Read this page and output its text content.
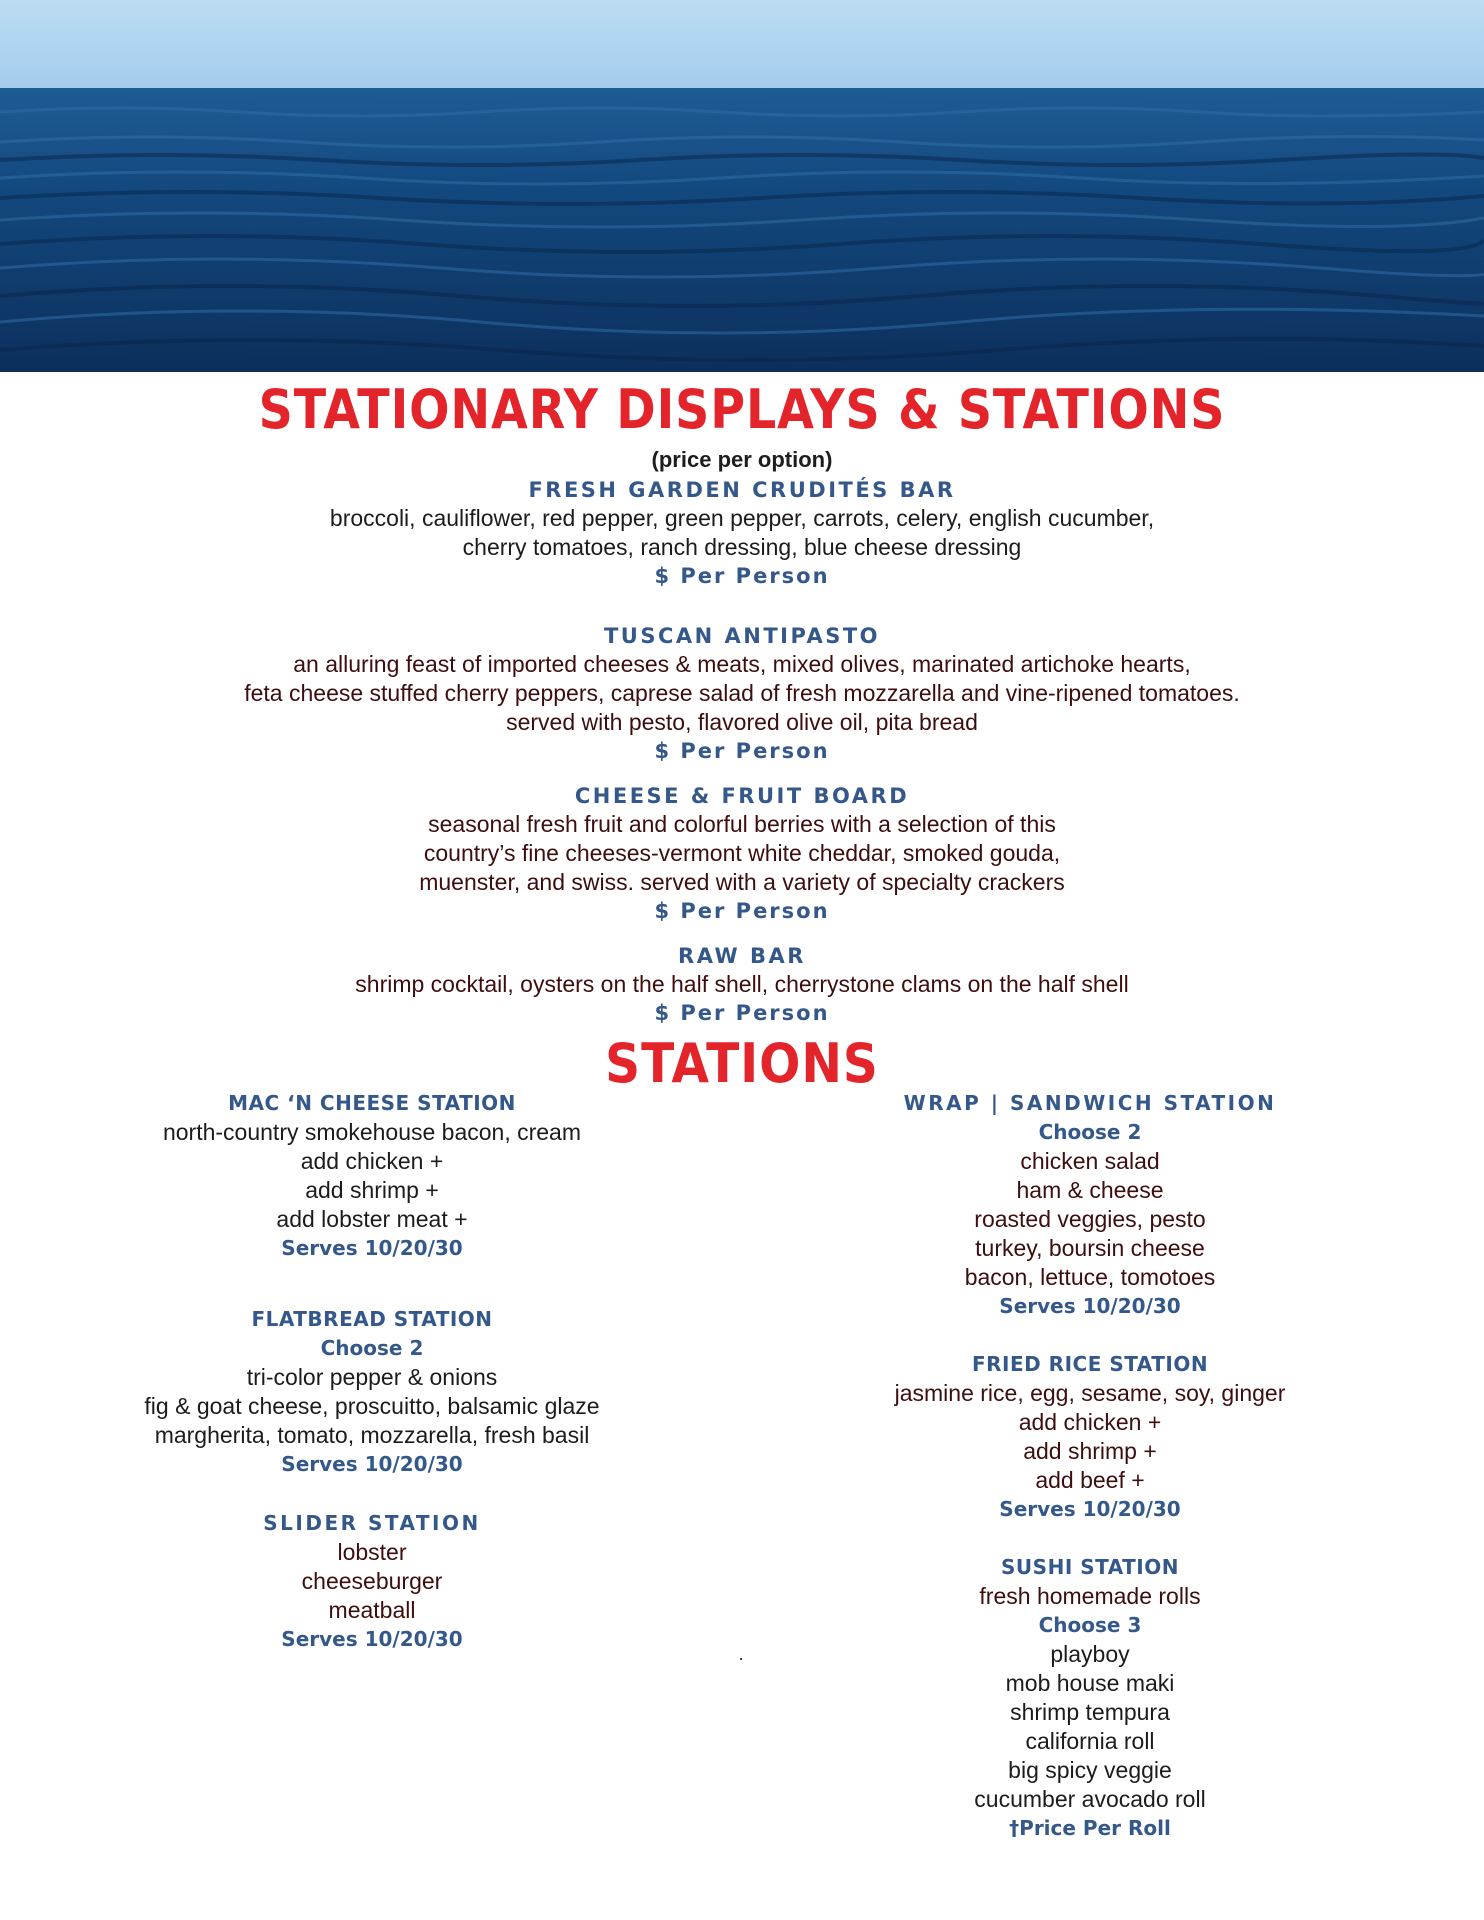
STATIONARY DISPLAYS & STATIONS
(price per option)
FRESH GARDEN CRUDITÉS BAR
broccoli, cauliflower, red pepper, green pepper, carrots, celery, english cucumber,
cherry tomatoes, ranch dressing, blue cheese dressing
$ Per Person
TUSCAN ANTIPASTO
an alluring feast of imported cheeses & meats, mixed olives, marinated artichoke hearts,
feta cheese stuffed cherry peppers, caprese salad of fresh mozzarella and vine-ripened tomatoes.
served with pesto, flavored olive oil, pita bread
$ Per Person
CHEESE & FRUIT BOARD
seasonal fresh fruit and colorful berries with a selection of this
country’s fine cheeses-vermont white cheddar, smoked gouda,
muenster, and swiss. served with a variety of specialty crackers
$ Per Person
RAW BAR
shrimp cocktail, oysters on the half shell, cherrystone clams on the half shell
$ Per Person
STATIONS
MAC ‘N CHEESE STATION
north-country smokehouse bacon, cream
add chicken +
add shrimp +
add lobster meat +
Serves 10/20/30
FLATBREAD STATION
Choose 2
tri-color pepper & onions
fig & goat cheese, proscuitto, balsamic glaze
margherita, tomato, mozzarella, fresh basil
Serves 10/20/30
SLIDER STATION
lobster
cheeseburger
meatball
Serves 10/20/30
WRAP | SANDWICH STATION
Choose 2
chicken salad
ham & cheese
roasted veggies, pesto
turkey, boursin cheese
bacon, lettuce, tomotoes
Serves 10/20/30
FRIED RICE STATION
jasmine rice, egg, sesame, soy, ginger
add chicken +
add shrimp +
add beef +
Serves 10/20/30
SUSHI STATION
fresh homemade rolls
Choose 3
playboy
mob house maki
shrimp tempura
california roll
big spicy veggie
cucumber avocado roll
†Price Per Roll
